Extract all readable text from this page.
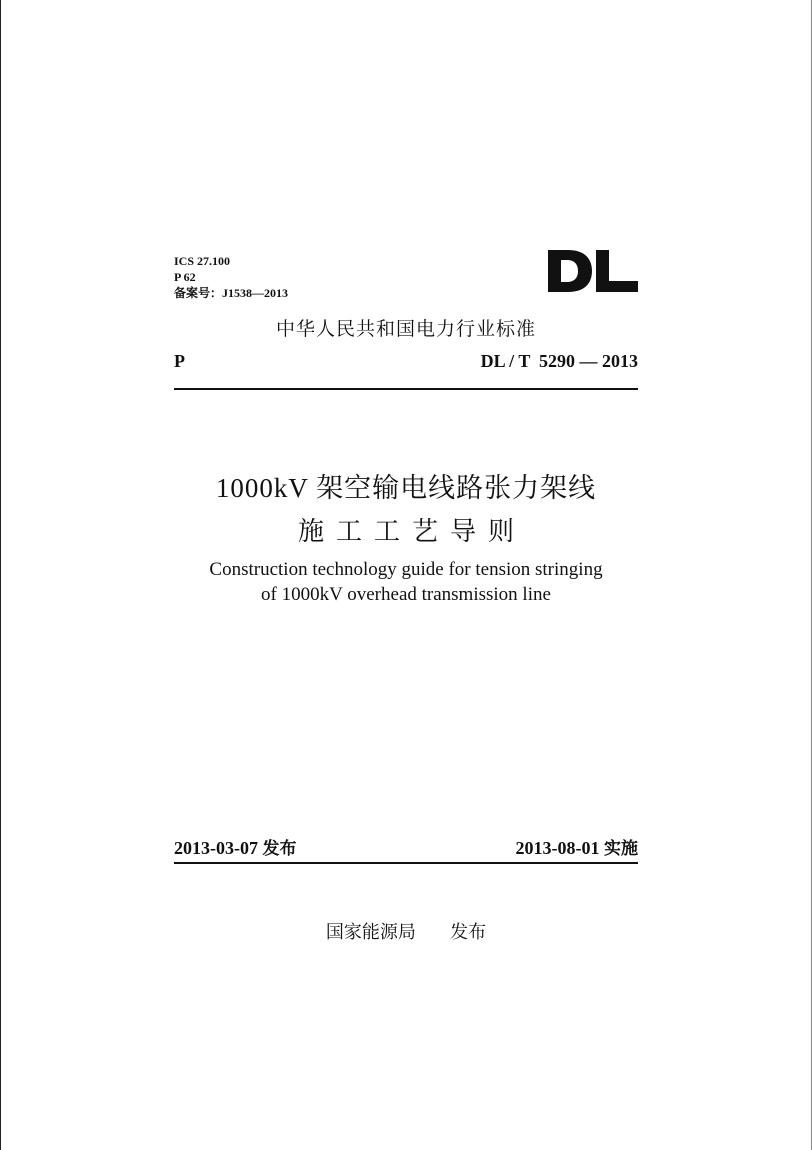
ICS 27.100
P 62
备案号：J1538—2013
DL
中华人民共和国电力行业标准
P	DL / T  5290 — 2013
1000kV 架空输电线路张力架线
施工工艺导则
Construction technology guide for tension stringing
of 1000kV overhead transmission line
2013-03-07 发布	2013-08-01 实施
国家能源局 发布
